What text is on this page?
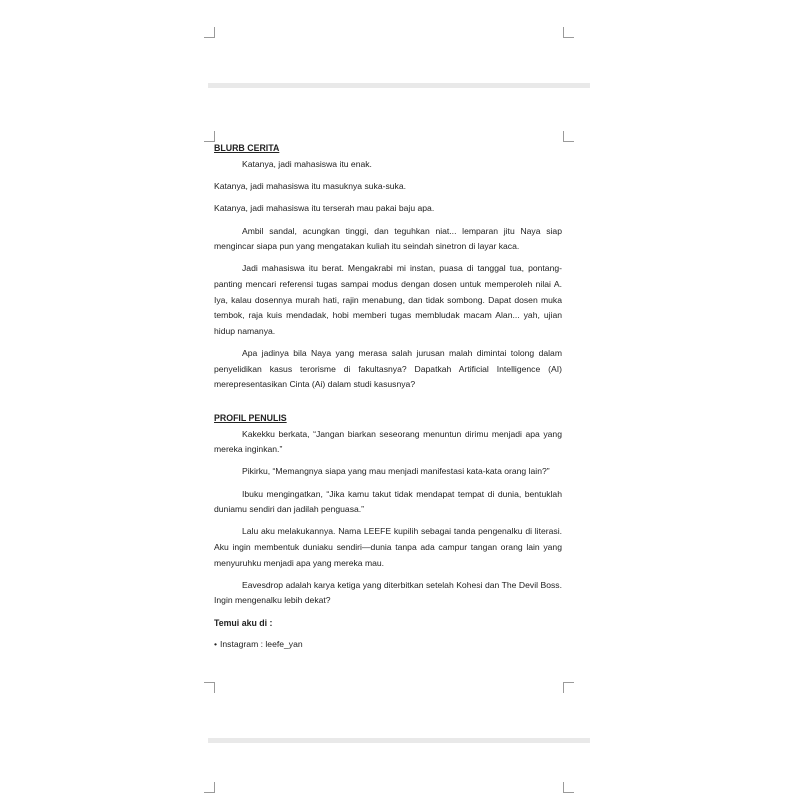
BLURB CERITA

Katanya, jadi mahasiswa itu enak.

Katanya, jadi mahasiswa itu masuknya suka-suka.

Katanya, jadi mahasiswa itu terserah mau pakai baju apa.

Ambil sandal, acungkan tinggi, dan teguhkan niat... lemparan jitu Naya siap mengincar siapa pun yang mengatakan kuliah itu seindah sinetron di layar kaca.

Jadi mahasiswa itu berat. Mengakrabi mi instan, puasa di tanggal tua, pontang-panting mencari referensi tugas sampai modus dengan dosen untuk memperoleh nilai A. Iya, kalau dosennya murah hati, rajin menabung, dan tidak sombong. Dapat dosen muka tembok, raja kuis mendadak, hobi memberi tugas membludak macam Alan... yah, ujian hidup namanya.

Apa jadinya bila Naya yang merasa salah jurusan malah dimintai tolong dalam penyelidikan kasus terorisme di fakultasnya? Dapatkah Artificial Intelligence (AI) merepresentasikan Cinta (Ai) dalam studi kasusnya?

PROFIL PENULIS

Kakekku berkata, “Jangan biarkan seseorang menuntun dirimu menjadi apa yang mereka inginkan.”

Pikirku, “Memangnya siapa yang mau menjadi manifestasi kata-kata orang lain?”

Ibuku mengingatkan, “Jika kamu takut tidak mendapat tempat di dunia, bentuklah duniamu sendiri dan jadilah penguasa.”

Lalu aku melakukannya. Nama LEEFE kupilih sebagai tanda pengenalku di literasi. Aku ingin membentuk duniaku sendiri—dunia tanpa ada campur tangan orang lain yang menyuruhku menjadi apa yang mereka mau.

Eavesdrop adalah karya ketiga yang diterbitkan setelah Kohesi dan The Devil Boss. Ingin mengenalku lebih dekat?

Temui aku di :
• Instagram : leefe_yan
